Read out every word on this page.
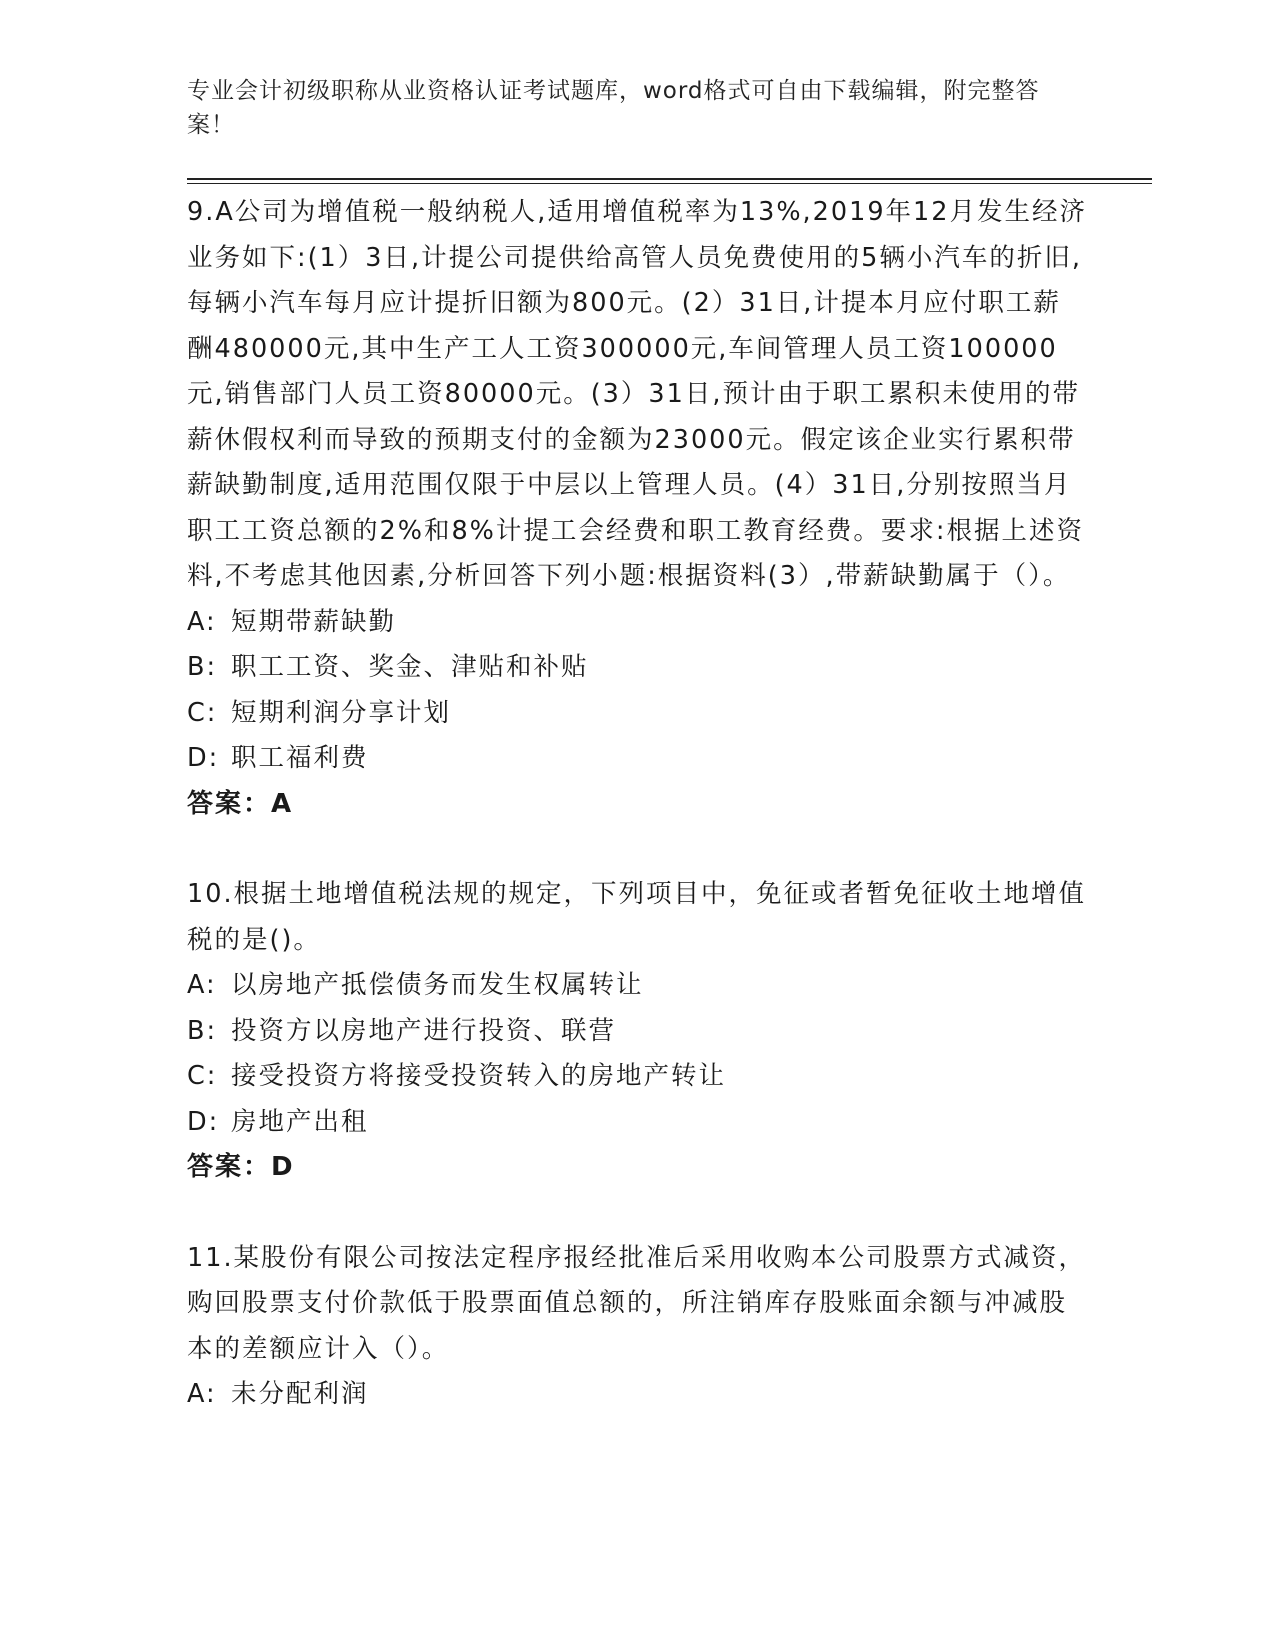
专业会计初级职称从业资格认证考试题库，word格式可自由下载编辑，附完整答案！

9.A公司为增值税一般纳税人,适用增值税率为13%,2019年12月发生经济业务如下:(1）3日,计提公司提供给高管人员免费使用的5辆小汽车的折旧,每辆小汽车每月应计提折旧额为800元。(2）31日,计提本月应付职工薪酬480000元,其中生产工人工资300000元,车间管理人员工资100000元,销售部门人员工资80000元。(3）31日,预计由于职工累积未使用的带薪休假权利而导致的预期支付的金额为23000元。假定该企业实行累积带薪缺勤制度,适用范围仅限于中层以上管理人员。(4）31日,分别按照当月职工工资总额的2%和8%计提工会经费和职工教育经费。要求:根据上述资料,不考虑其他因素,分析回答下列小题:根据资料(3）,带薪缺勤属于（）。

A: 短期带薪缺勤
B: 职工工资、奖金、津贴和补贴
C: 短期利润分享计划
D: 职工福利费
答案：A

10.根据土地增值税法规的规定，下列项目中，免征或者暂免征收土地增值税的是()。

A: 以房地产抵偿债务而发生权属转让
B: 投资方以房地产进行投资、联营
C: 接受投资方将接受投资转入的房地产转让
D: 房地产出租
答案：D

11.某股份有限公司按法定程序报经批准后采用收购本公司股票方式减资，购回股票支付价款低于股票面值总额的，所注销库存股账面余额与冲减股本的差额应计入（）。

A: 未分配利润
